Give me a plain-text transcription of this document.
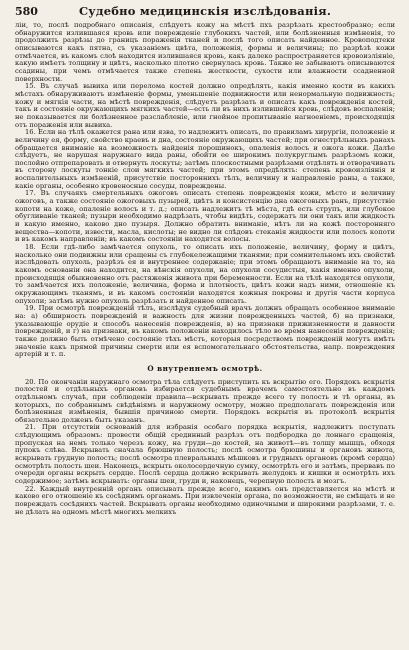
580	Судебно медицинскiя изслѣдованiя.

лiи, то, послѣ подробнаго описанiя, слѣдуетъ кожу на мѣстѣ пхъ разрѣзать крестообразно; если обнаружится излившаяся кровь или поврежденiе глубокихъ частей, или болѣзненныя измѣненiя, то продолжить разрѣзы до границъ пораженiя тканей и послѣ того описать найденное. Кровоподтеки описываются какъ пятна, съ указанiемъ цвѣта, положенiя, формы и величины; по разрѣзѣ кожи отмѣчается, въ какомъ слоѣ находится излившаяся кровь, какъ далеко распространяется кровоизлiянiе, какую имѣетъ толщину и цвѣтъ, насколько плотно свернулась кровь. Также не забываютъ описываются ссадины, при чемъ отмѣчается также степень жесткости, сухости или влажности ссадненной поверхности.

15. Въ случаѣ вывиха или перелома костей должно опредѣлять, какiя именно кости въ какихъ мѣстахъ обнаруживаютъ измѣненiе формы, уменьшенiе подвижности или ненормальную подвижность; кожу и мягкiя части, на мѣстѣ поврежденiя, слѣдуетъ разрѣзать и описать какъ поврежденiя костей, такъ и состоянiе окружающихъ мягкихъ частей—есть ли въ нихъ излившейся кровь, слѣдовъ воспаленiя; не показывается ли болѣзненное разслабленiе, или гнойное пропитыванiе нагноенiемъ, происходящiя отъ пораженiя или вывиха.

16. Если на тѣлѣ окажется рана или язва, то надлежитъ описать, по правиламъ хирургiи, положенiе и величину ея, форму, свойство краевъ и дна, состоянiе окружающихъ частей; при огнестрѣльныхъ ранахъ обращается вниманiе на возможность найденiя порошинокъ, опаленiя волосъ и ожога кожи. Далѣе слѣдуетъ, не нарушая наружнаго вида раны, обойти ее широкимъ полукруглымъ разрѣзомъ кожи, послойно отпрепаровать и отвернуть лоскуты; затѣмъ плоскостными разрѣзами отдѣлять и отворачивать въ сторону лоскуты тонкiе слои мягкихъ частей; при этомъ опредѣлять: степень кровоизлiянiя и воспалительныхъ измѣненiй, присутствiе постороннихъ тѣлъ, величину и направленiе раны, а также, какiе органы, особенно кровеносные сосуды, повреждены.

17. Въ случаяхъ смертельныхъ ожоговъ описать степень поврежденiя кожи, мѣсто и величину ожоговъ, а также состоянiе ожоговыхъ пузырей, цвѣтъ и консистенцiю дна ожоговыхъ ранъ, присутствiе копоти на коже, опаленiе волосъ и т. д.; описать надлежитъ тѣ мѣста, гдѣ есть струпъ, или глубокое обугливанiе тканей; пузыри необходимо надрѣзать, чтобы видѣть, содержатъ ли они такъ или жидкость и какую именно, каково дно пузыря. Должно обратить вниманiе, нѣтъ ли на кожѣ посторонняго вещества—копоти, извести, масла, кислоты; не видно ли слѣдовъ стеканiя жидкости или полосъ копоти и въ какомъ направленiи; въ какомъ состоянiи находятся волосы.

18. Если гдѣ-либо замѣчается опухоль, то описать ихъ положенiе, величину, форму и цвѣтъ, насколько они подвижны или сращены съ глубокележащими тканями; при сомнительномъ ихъ свойствѣ изслѣдовать опухоль, разрѣзъ ея и внутреннее содержанiе; при этомъ обращаютъ вниманiе на то, на какомъ основанiи она находится, на вѣнскiя опухоли, на опухоли сосудистыя, какiя именно опухоли, происходящiя обыкновенно отъ растяженiя живота при беременности. Если на тѣлѣ находятся опухоли, то замѣчается ихъ положенiе, величина, форма и плотность, цвѣтъ кожи надъ ними, отношенiе къ окружающимъ тканямъ, и въ какомъ состоянiи находятся кожныя покровы и другiя части корпуса опухоли; затѣмъ нужно опухоль разрѣзать и найденное описать.

19. При осмотрѣ поврежденiй тѣлъ, изслѣдуя судебный врачъ должнъ обращать особенное вниманiе на: а) обширность поврежденiй и важность для жизни поврежденныхъ частей, б) на признаки, указывающiе орудiе и способъ нанесенiя поврежденiя, в) на признаки прижизненности и давности поврежденiй, и г) на признаки, въ какомъ положенiи находилось тѣло во время нанесенiя поврежденiя; также должно быть отмѣчено состоянiе тѣхъ мѣстъ, которыя посредствомъ поврежденiй могутъ имѣть значенiе какъ прямой причины смерти или ея вспомогательнаго обстоятельства, напр. повреждения артерiй и т. п.

О внутреннемъ осмотрѣ.

20. По окончанiи наружнаго осмотра тѣла слѣдуетъ приступить къ вскрытiю его. Порядокъ вскрытiя полостей и отдѣльныхъ органовъ избирается судебнымъ врачемъ самостоятельно въ каждомъ отдѣльномъ случаѣ, при соблюденiи правила—вскрывать прежде всего ту полость и тѣ органы, въ которыхъ, по собраннымъ свѣдѣнiямъ и наружному осмотру, можно предполагать поврежденiя или болѣзненныя измѣненiя, бывшiя причиною смерти. Порядокъ вскрытiя въ протоколѣ вскрытiя обязательно долженъ быть указанъ.

21. При отсутствiи основанiй для избранiя особаго порядка вскрытiя, надлежитъ поступать слѣдующимъ образомъ: провести общiй срединный разрѣзъ отъ подбородка до лоннаго сращенiя, пропуская на немъ только черезъ кожу, на груди—до костей, на животѣ—въ толщу мышцъ, обходя пупокъ слѣва. Вскрывать сначала брюшную полость; послѣ осмотра брюшины и органовъ живота, вскрывать грудную полость; послѣ осмотра плевральныхъ мѣшковъ и грудныхъ органовъ (кромѣ сердца) осмотрѣть полость шеи. Наконецъ, вскрыть околосердечную сумку, осмотрѣть его и затѣмъ, прервавъ по очереди органы вскрыть сердце. Послѣ сердца должно вскрывать желудокъ и кишки и осмотрѣть ихъ содержимое; затѣмъ вскрывать: органы шеи, груди и, наконецъ, черепную полость и мозгъ.

22. Каждый внутреннiй органъ описывать прежде всего, какимъ онъ представляется на мѣстѣ и каково его отношенiе къ сосѣднимъ органамъ. При извлеченiи органа, по возможности, не смѣщать и не повреждать сосѣднихъ частей. Вскрывать органы необходимо одиночными и широкими разрѣзами, т. е. не дѣлать на одномъ мѣстѣ многихъ мелкихъ
